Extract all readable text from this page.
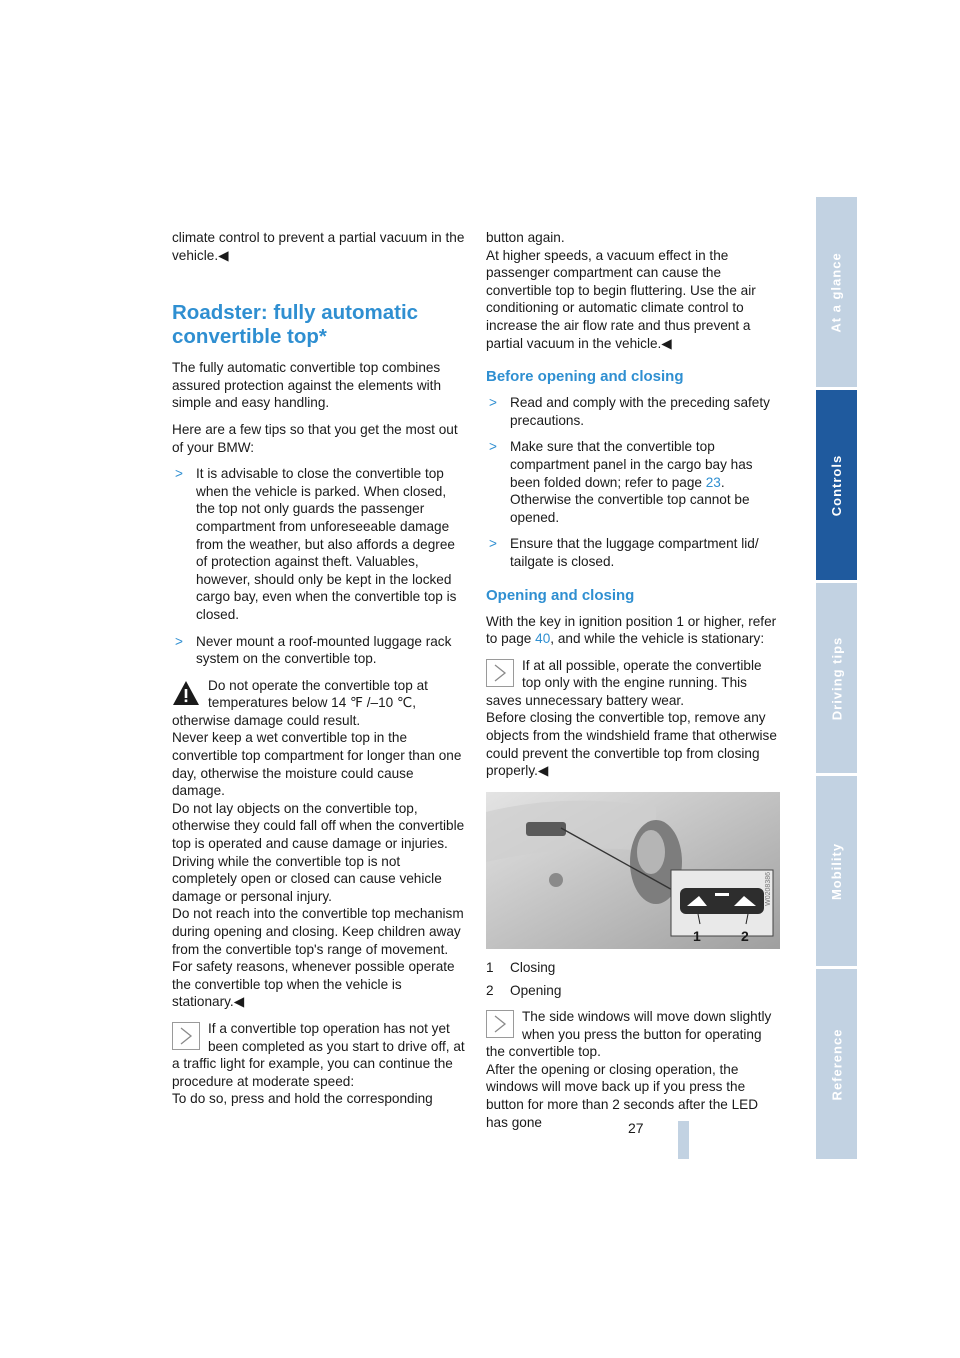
climate control to prevent a partial vacuum in the vehicle.◀

Roadster: fully automatic convertible top*

The fully automatic convertible top combines assured protection against the elements with simple and easy handling.

Here are a few tips so that you get the most out of your BMW:

> It is advisable to close the convertible top when the vehicle is parked. When closed, the top not only guards the passenger compartment from unforeseeable damage from the weather, but also affords a degree of protection against theft. Valuables, however, should only be kept in the locked cargo bay, even when the convertible top is closed.
> Never mount a roof-mounted luggage rack system on the convertible top.
Do not operate the convertible top at temperatures below 14 ℉ /–10 ℃, otherwise damage could result.
Never keep a wet convertible top in the convertible top compartment for longer than one day, otherwise the moisture could cause damage.
Do not lay objects on the convertible top, otherwise they could fall off when the convertible top is operated and cause damage or injuries.
Driving while the convertible top is not completely open or closed can cause vehicle damage or personal injury.
Do not reach into the convertible top mechanism during opening and closing. Keep children away from the convertible top's range of movement.
For safety reasons, whenever possible operate the convertible top when the vehicle is stationary.◀
If a convertible top operation has not yet been completed as you start to drive off, at a traffic light for example, you can continue the procedure at moderate speed:
To do so, press and hold the corresponding
button again.
At higher speeds, a vacuum effect in the passenger compartment can cause the convertible top to begin fluttering. Use the air conditioning or automatic climate control to increase the air flow rate and thus prevent a partial vacuum in the vehicle.◀
Before opening and closing
> Read and comply with the preceding safety precautions.
> Make sure that the convertible top compartment panel in the cargo bay has been folded down; refer to page 23. Otherwise the convertible top cannot be opened.
> Ensure that the luggage compartment lid/ tailgate is closed.
Opening and closing

With the key in ignition position 1 or higher, refer to page 40, and while the vehicle is stationary:

If at all possible, operate the convertible top only with the engine running. This saves unnecessary battery wear.
Before closing the convertible top, remove any objects from the windshield frame that otherwise could prevent the convertible top from closing properly.◀
1	2
W0208386
1	Closing
2	Opening
The side windows will move down slightly when you press the button for operating the convertible top.
After the opening or closing operation, the windows will move back up if you press the button for more than 2 seconds after the LED has gone
At a glance
Controls
Driving tips
Mobility
Reference
27
